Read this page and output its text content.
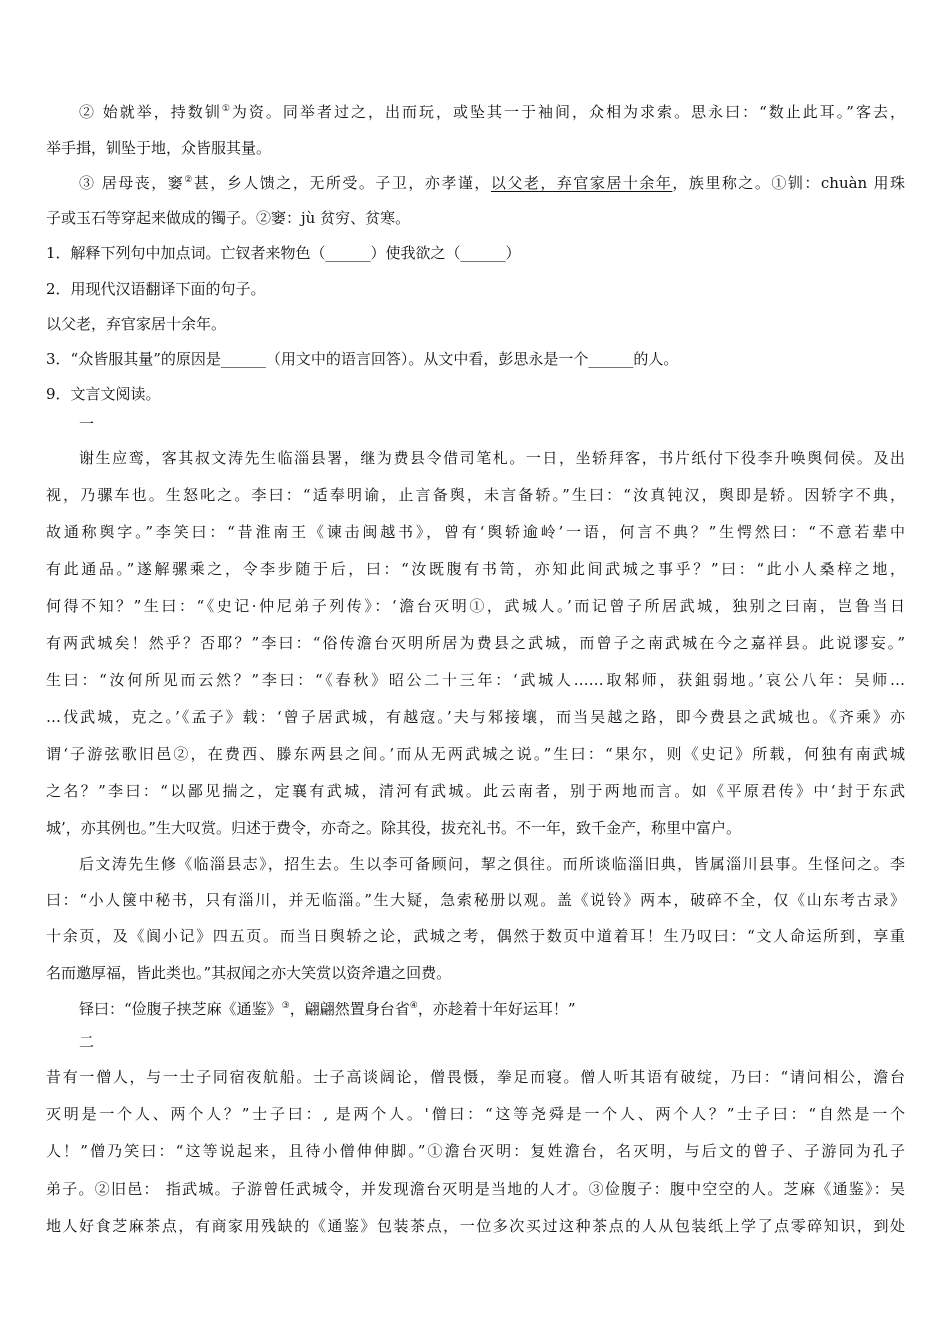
② 始就举，持数钏①为资。同举者过之，出而玩，或坠其一于袖间，众相为求索。思永曰：“数止此耳。”客去，
举手揖，钏坠于地，众皆服其量。
③ 居母丧，窭②甚，乡人馈之，无所受。子卫，亦孝谨，以父老，弃官家居十余年，族里称之。①钏：chuàn 用珠
子或玉石等穿起来做成的镯子。②窭：jù 贫穷、贫寒。
1．解释下列句中加点词。亡钗者来物色（______）使我欲之（______）
2．用现代汉语翻译下面的句子。
以父老，弃官家居十余年。
3．“众皆服其量”的原因是______（用文中的语言回答）。从文中看，彭思永是一个______的人。
9．文言文阅读。
一
谢生应鸾，客其叔文涛先生临淄县署，继为费县令借司笔札。一日，坐轿拜客，书片纸付下役李升唤舆伺侯。及出
视，乃骡车也。生怒叱之。李曰：“适奉明谕，止言备舆，未言备轿。”生曰：“汝真钝汉，舆即是轿。因轿字不典，
故通称舆字。”李笑曰：“昔淮南王《谏击闽越书》，曾有‘舆轿逾岭’一语，何言不典？”生愕然曰：“不意若辈中
有此通品。”遂解骡乘之，令李步随于后，曰：“汝既腹有书笥，亦知此间武城之事乎？”曰：“此小人桑梓之地，
何得不知？”生曰：“《史记·仲尼弟子列传》：‘澹台灭明①，武城人。’而记曾子所居武城，独别之曰南，岂鲁当日
有两武城矣！然乎？否耶？”李曰：“俗传澹台灭明所居为费县之武城，而曾子之南武城在今之嘉祥县。此说谬妄。”
生曰：“汝何所见而云然？”李曰：“《春秋》昭公二十三年：‘武城人……取邾师，获鉏弱地。’哀公八年：吴师…
…伐武城，克之。’《孟子》载：‘曾子居武城，有越寇。’夫与邾接壤，而当吴越之路，即今费县之武城也。《齐乘》亦
谓‘子游弦歌旧邑②，在费西、滕东两县之间。’而从无两武城之说。”生曰：“果尔，则《史记》所载，何独有南武城
之名？”李曰：“以鄙见揣之，定襄有武城，清河有武城。此云南者，别于两地而言。如《平原君传》中‘封于东武
城’，亦其例也。”生大叹赏。归述于费令，亦奇之。除其役，拔充礼书。不一年，致千金产，称里中富户。
后文涛先生修《临淄县志》，招生去。生以李可备顾问，挈之俱往。而所谈临淄旧典，皆属淄川县事。生怪问之。李
曰：“小人箧中秘书，只有淄川，并无临淄。”生大疑，急索秘册以观。盖《说铃》两本，破碎不全，仅《山东考古录》
十余页，及《阆小记》四五页。而当日舆轿之论，武城之考，偶然于数页中道着耳！生乃叹曰：“文人命运所到，享重
名而邀厚福，皆此类也。”其叔闻之亦大笑赏以资斧遣之回费。
铎曰：“俭腹子挟芝麻《通鉴》③，翩翩然置身台省④，亦趁着十年好运耳！”
二
昔有一僧人，与一士子同宿夜航船。士子高谈阔论，僧畏慑，拳足而寝。僧人听其语有破绽，乃曰：“请问相公，澹台
灭明是一个人、两个人？”士子曰：, 是两个人。'僧曰：“这等尧舜是一个人、两个人？”士子曰：“自然是一个
人！”僧乃笑曰：“这等说起来，且待小僧伸伸脚。”①澹台灭明：复姓澹台，名灭明，与后文的曾子、子游同为孔子
弟子。②旧邑： 指武城。子游曾任武城令，并发现澹台灭明是当地的人才。③俭腹子：腹中空空的人。芝麻《通鉴》：吴
地人好食芝麻茶点，有商家用残缺的《通鉴》包装茶点，一位多次买过这种茶点的人从包装纸上学了点零碎知识，到处
